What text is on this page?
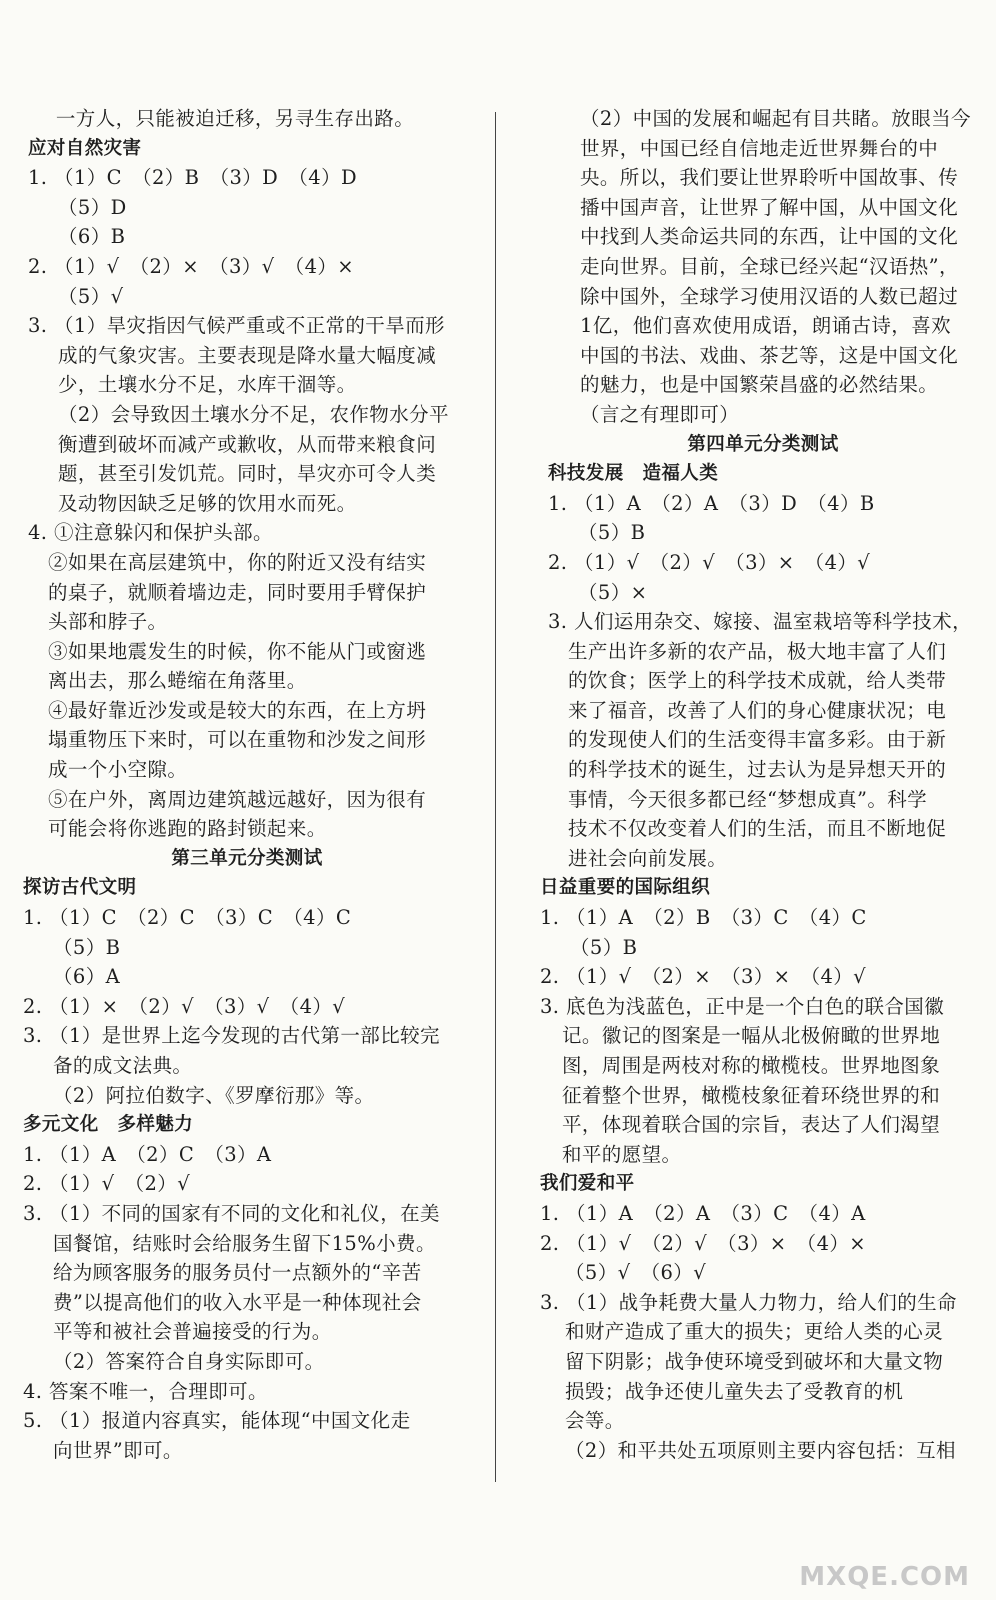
　一方人，只能被迫迁移，另寻生存出路。
应对自然灾害
1. （1）C　（2）B　（3）D　（4）D
（5）D
（6）B
2. （1）√　（2）×　（3）√　（4）×
（5）√
3. （1）旱灾指因气候严重或不正常的干旱而形
成的气象灾害。主要表现是降水量大幅度减
少，土壤水分不足，水库干涸等。
（2）会导致因土壤水分不足，农作物水分平
衡遭到破坏而减产或歉收，从而带来粮食问
题，甚至引发饥荒。同时，旱灾亦可令人类
及动物因缺乏足够的饮用水而死。
4. ①注意躲闪和保护头部。
②如果在高层建筑中，你的附近又没有结实
的桌子，就顺着墙边走，同时要用手臂保护
头部和脖子。
③如果地震发生的时候，你不能从门或窗逃
离出去，那么蜷缩在角落里。
④最好靠近沙发或是较大的东西，在上方坍
塌重物压下来时，可以在重物和沙发之间形
成一个小空隙。
⑤在户外，离周边建筑越远越好，因为很有
可能会将你逃跑的路封锁起来。
第三单元分类测试
探访古代文明
1. （1）C　（2）C　（3）C　（4）C
（5）B
（6）A
2. （1）×　（2）√　（3）√　（4）√
3. （1）是世界上迄今发现的古代第一部比较完
备的成文法典。
（2）阿拉伯数字、《罗摩衍那》等。
多元文化　多样魅力
1. （1）A　（2）C　（3）A
2. （1）√　（2）√
3. （1）不同的国家有不同的文化和礼仪，在美
国餐馆，结账时会给服务生留下15%小费。
给为顾客服务的服务员付一点额外的“辛苦
费”以提高他们的收入水平是一种体现社会
平等和被社会普遍接受的行为。
（2）答案符合自身实际即可。
4. 答案不唯一，合理即可。
5. （1）报道内容真实，能体现“中国文化走
向世界”即可。
（2）中国的发展和崛起有目共睹。放眼当今
世界，中国已经自信地走近世界舞台的中
央。所以，我们要让世界聆听中国故事、传
播中国声音，让世界了解中国，从中国文化
中找到人类命运共同的东西，让中国的文化
走向世界。目前，全球已经兴起“汉语热”，
除中国外，全球学习使用汉语的人数已超过
1亿，他们喜欢使用成语，朗诵古诗，喜欢
中国的书法、戏曲、茶艺等，这是中国文化
的魅力，也是中国繁荣昌盛的必然结果。
（言之有理即可）
第四单元分类测试
科技发展　造福人类
1. （1）A　（2）A　（3）D　（4）B
（5）B
2. （1）√　（2）√　（3）×　（4）√
（5）×
3. 人们运用杂交、嫁接、温室栽培等科学技术，
生产出许多新的农产品，极大地丰富了人们
的饮食；医学上的科学技术成就，给人类带
来了福音，改善了人们的身心健康状况；电
的发现使人们的生活变得丰富多彩。由于新
的科学技术的诞生，过去认为是异想天开的
事情，今天很多都已经“梦想成真”。科学
技术不仅改变着人们的生活，而且不断地促
进社会向前发展。
日益重要的国际组织
1. （1）A　（2）B　（3）C　（4）C
（5）B
2. （1）√　（2）×　（3）×　（4）√
3. 底色为浅蓝色，正中是一个白色的联合国徽
记。徽记的图案是一幅从北极俯瞰的世界地
图，周围是两枝对称的橄榄枝。世界地图象
征着整个世界，橄榄枝象征着环绕世界的和
平，体现着联合国的宗旨，表达了人们渴望
和平的愿望。
我们爱和平
1. （1）A　（2）A　（3）C　（4）A
2. （1）√　（2）√　（3）×　（4）×
（5）√　（6）√
3. （1）战争耗费大量人力物力，给人们的生命
和财产造成了重大的损失；更给人类的心灵
留下阴影；战争使环境受到破坏和大量文物
损毁；战争还使儿童失去了受教育的机
会等。
（2）和平共处五项原则主要内容包括：互相
MXQE.COM
